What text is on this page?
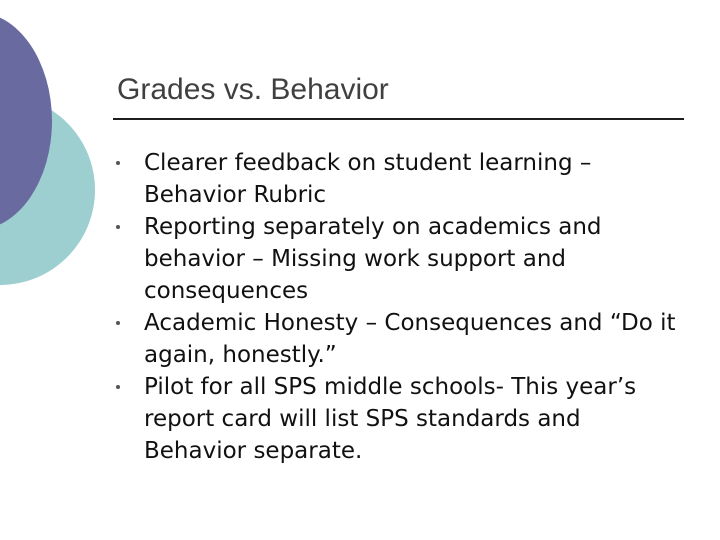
Grades vs. Behavior
Clearer feedback on student learning – Behavior Rubric
Reporting separately on academics and behavior – Missing work support and consequences
Academic Honesty – Consequences and “Do it again, honestly.”
Pilot for all SPS middle schools- This year’s report card will list SPS standards and Behavior separate.
